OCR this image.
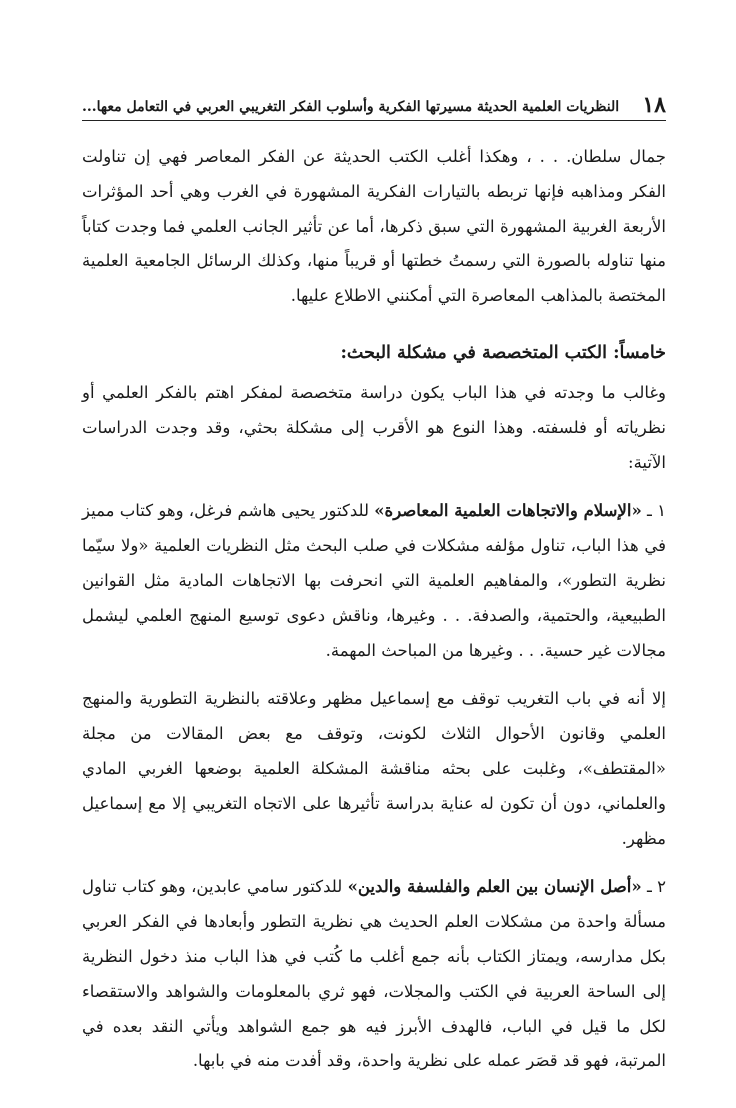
١٨
النظريات العلمية الحديثة مسيرتها الفكرية وأسلوب الفكر التغريبي العربي في التعامل معها...

جمال سلطان. . . ، وهكذا أغلب الكتب الحديثة عن الفكر المعاصر فهي إن تناولت الفكر ومذاهبه فإنها تربطه بالتيارات الفكرية المشهورة في الغرب وهي أحد المؤثرات الأربعة الغربية المشهورة التي سبق ذكرها، أما عن تأثير الجانب العلمي فما وجدت كتاباً منها تناوله بالصورة التي رسمتُ خطتها أو قريباً منها، وكذلك الرسائل الجامعية العلمية المختصة بالمذاهب المعاصرة التي أمكنني الاطلاع عليها.

خامساً: الكتب المتخصصة في مشكلة البحث:

وغالب ما وجدته في هذا الباب يكون دراسة متخصصة لمفكر اهتم بالفكر العلمي أو نظرياته أو فلسفته. وهذا النوع هو الأقرب إلى مشكلة بحثي، وقد وجدت الدراسات الآتية:

١ ـ «الإسلام والاتجاهات العلمية المعاصرة» للدكتور يحيى هاشم فرغل، وهو كتاب مميز في هذا الباب، تناول مؤلفه مشكلات في صلب البحث مثل النظريات العلمية «ولا سيّما نظرية التطور»، والمفاهيم العلمية التي انحرفت بها الاتجاهات المادية مثل القوانين الطبيعية، والحتمية، والصدفة. . . وغيرها، وناقش دعوى توسيع المنهج العلمي ليشمل مجالات غير حسية. . . وغيرها من المباحث المهمة.

إلا أنه في باب التغريب توقف مع إسماعيل مظهر وعلاقته بالنظرية التطورية والمنهج العلمي وقانون الأحوال الثلاث لكونت، وتوقف مع بعض المقالات من مجلة «المقتطف»، وغلبت على بحثه مناقشة المشكلة العلمية بوضعها الغربي المادي والعلماني، دون أن تكون له عناية بدراسة تأثيرها على الاتجاه التغريبي إلا مع إسماعيل مظهر.

٢ ـ «أصل الإنسان بين العلم والفلسفة والدين» للدكتور سامي عابدين، وهو كتاب تناول مسألة واحدة من مشكلات العلم الحديث هي نظرية التطور وأبعادها في الفكر العربي بكل مدارسه، ويمتاز الكتاب بأنه جمع أغلب ما كُتب في هذا الباب منذ دخول النظرية إلى الساحة العربية في الكتب والمجلات، فهو ثري بالمعلومات والشواهد والاستقصاء لكل ما قيل في الباب، فالهدف الأبرز فيه هو جمع الشواهد ويأتي النقد بعده في المرتبة، فهو قد قصَر عمله على نظرية واحدة، وقد أفدت منه في بابها.
